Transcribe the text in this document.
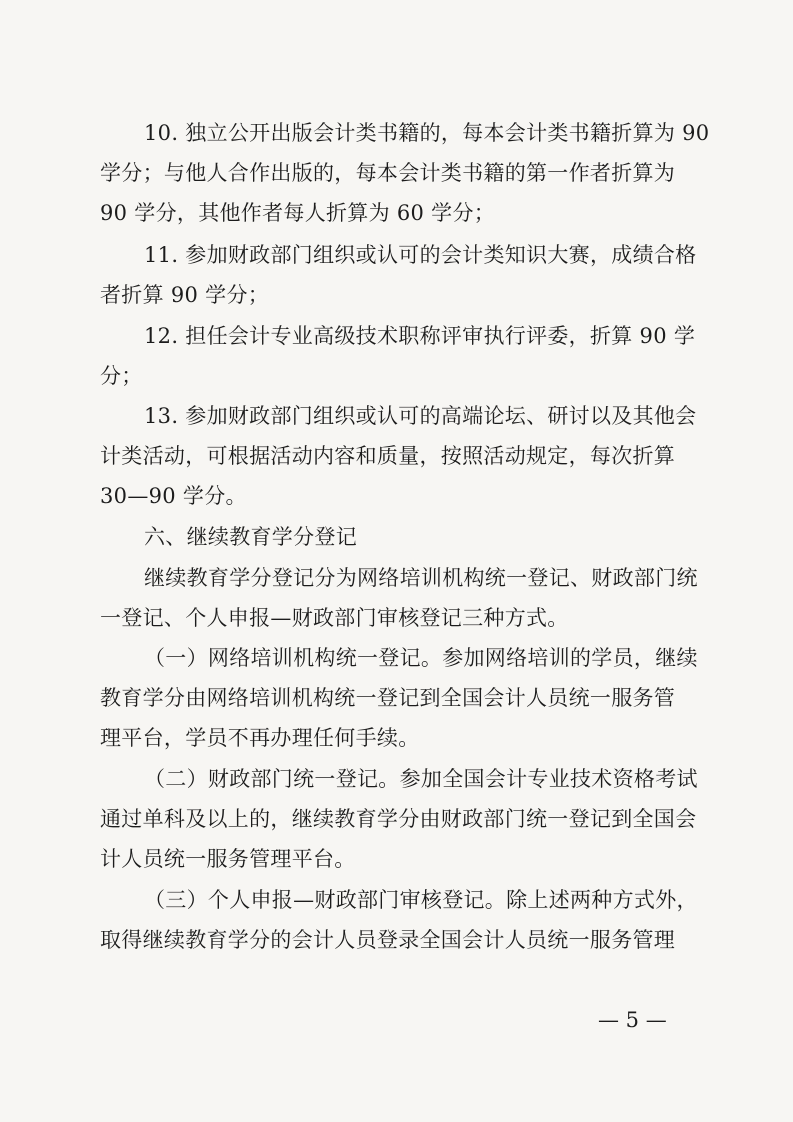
10. 独立公开出版会计类书籍的，每本会计类书籍折算为 90
学分；与他人合作出版的，每本会计类书籍的第一作者折算为
90 学分，其他作者每人折算为 60 学分；
11. 参加财政部门组织或认可的会计类知识大赛，成绩合格
者折算 90 学分；
12. 担任会计专业高级技术职称评审执行评委，折算 90 学
分；
13. 参加财政部门组织或认可的高端论坛、研讨以及其他会
计类活动，可根据活动内容和质量，按照活动规定，每次折算
30—90 学分。
六、继续教育学分登记
继续教育学分登记分为网络培训机构统一登记、财政部门统
一登记、个人申报—财政部门审核登记三种方式。
（一）网络培训机构统一登记。参加网络培训的学员，继续
教育学分由网络培训机构统一登记到全国会计人员统一服务管
理平台，学员不再办理任何手续。
（二）财政部门统一登记。参加全国会计专业技术资格考试
通过单科及以上的，继续教育学分由财政部门统一登记到全国会
计人员统一服务管理平台。
（三）个人申报—财政部门审核登记。除上述两种方式外，
取得继续教育学分的会计人员登录全国会计人员统一服务管理
— 5 —
